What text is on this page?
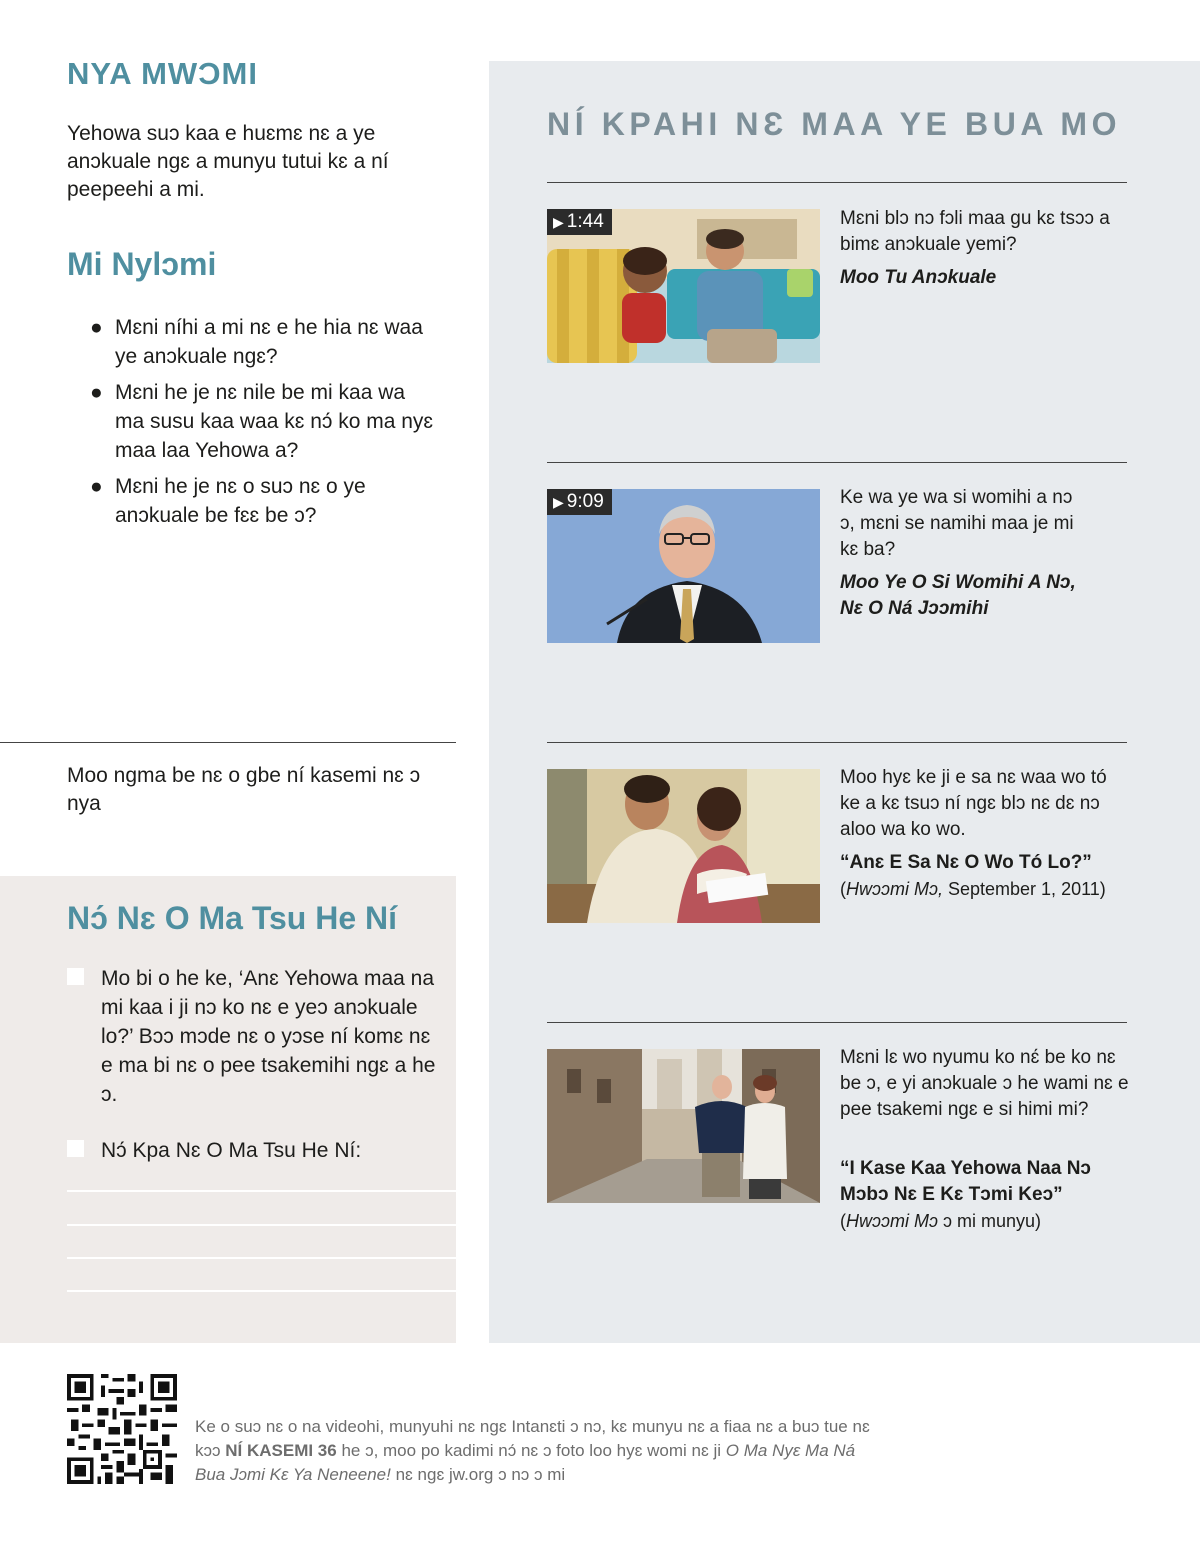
NYA MWƆMI

Yehowa suɔ kaa e huɛmɛ nɛ a ye anɔkuale ngɛ a munyu tutui kɛ a ní peepeehi a mi.

Mi Nylɔmi
● Mɛni níhi a mi nɛ e he hia nɛ waa ye anɔkuale ngɛ?
● Mɛni he je nɛ nile be mi kaa wa ma susu kaa waa kɛ nɔ́ ko ma nyɛ maa laa Yehowa a?
● Mɛni he je nɛ o suɔ nɛ o ye anɔkuale be fɛɛ be ɔ?

Moo ngma be nɛ o gbe ní kasemi nɛ ɔ nya

Nɔ́ Nɛ O Ma Tsu He Ní
Mo bi o he ke, ‘Anɛ Yehowa maa na mi kaa i ji nɔ ko nɛ e yeɔ anɔkuale lo?’ Bɔɔ mɔde nɛ o yɔse ní komɛ nɛ e ma bi nɛ o pee tsakemihi ngɛ a he ɔ.
Nɔ́ Kpa Nɛ O Ma Tsu He Ní:
NÍ KPAHI NƐ MAA YE BUA MO
▶ 1:44	Mɛni blɔ nɔ fɔli maa gu kɛ tsɔɔ a bimɛ anɔkuale yemi?

Moo Tu Anɔkuale

▶ 9:09	Ke wa ye wa si womihi a nɔ ɔ, mɛni se namihi maa je mi kɛ ba?

Moo Ye O Si Womihi A Nɔ, Nɛ O Ná Jɔɔmihi

Moo hyɛ ke ji e sa nɛ waa wo tó ke a kɛ tsuɔ ní ngɛ blɔ nɛ dɛ nɔ aloo wa ko wo.

“Anɛ E Sa Nɛ O Wo Tó Lo?”

(Hwɔɔmi Mɔ, September 1, 2011)

Mɛni lɛ wo nyumu ko nɛ́ be ko nɛ be ɔ, e yi anɔkuale ɔ he wami nɛ e pee tsakemi ngɛ e si himi mi?

“I Kase Kaa Yehowa Naa Nɔ Mɔbɔ Nɛ E Kɛ Tɔmi Keɔ”

(Hwɔɔmi Mɔ ɔ mi munyu)

Ke o suɔ nɛ o na videohi, munyuhi nɛ ngɛ Intanɛti ɔ nɔ, kɛ munyu nɛ a fiaa nɛ a buɔ tue nɛ kɔɔ NÍ KASEMI 36 he ɔ, moo po kadimi nɔ́ nɛ ɔ foto loo hyɛ womi nɛ ji O Ma Nyɛ Ma Ná Bua Jɔmi Kɛ Ya Neneene! nɛ ngɛ jw.org ɔ nɔ ɔ mi
